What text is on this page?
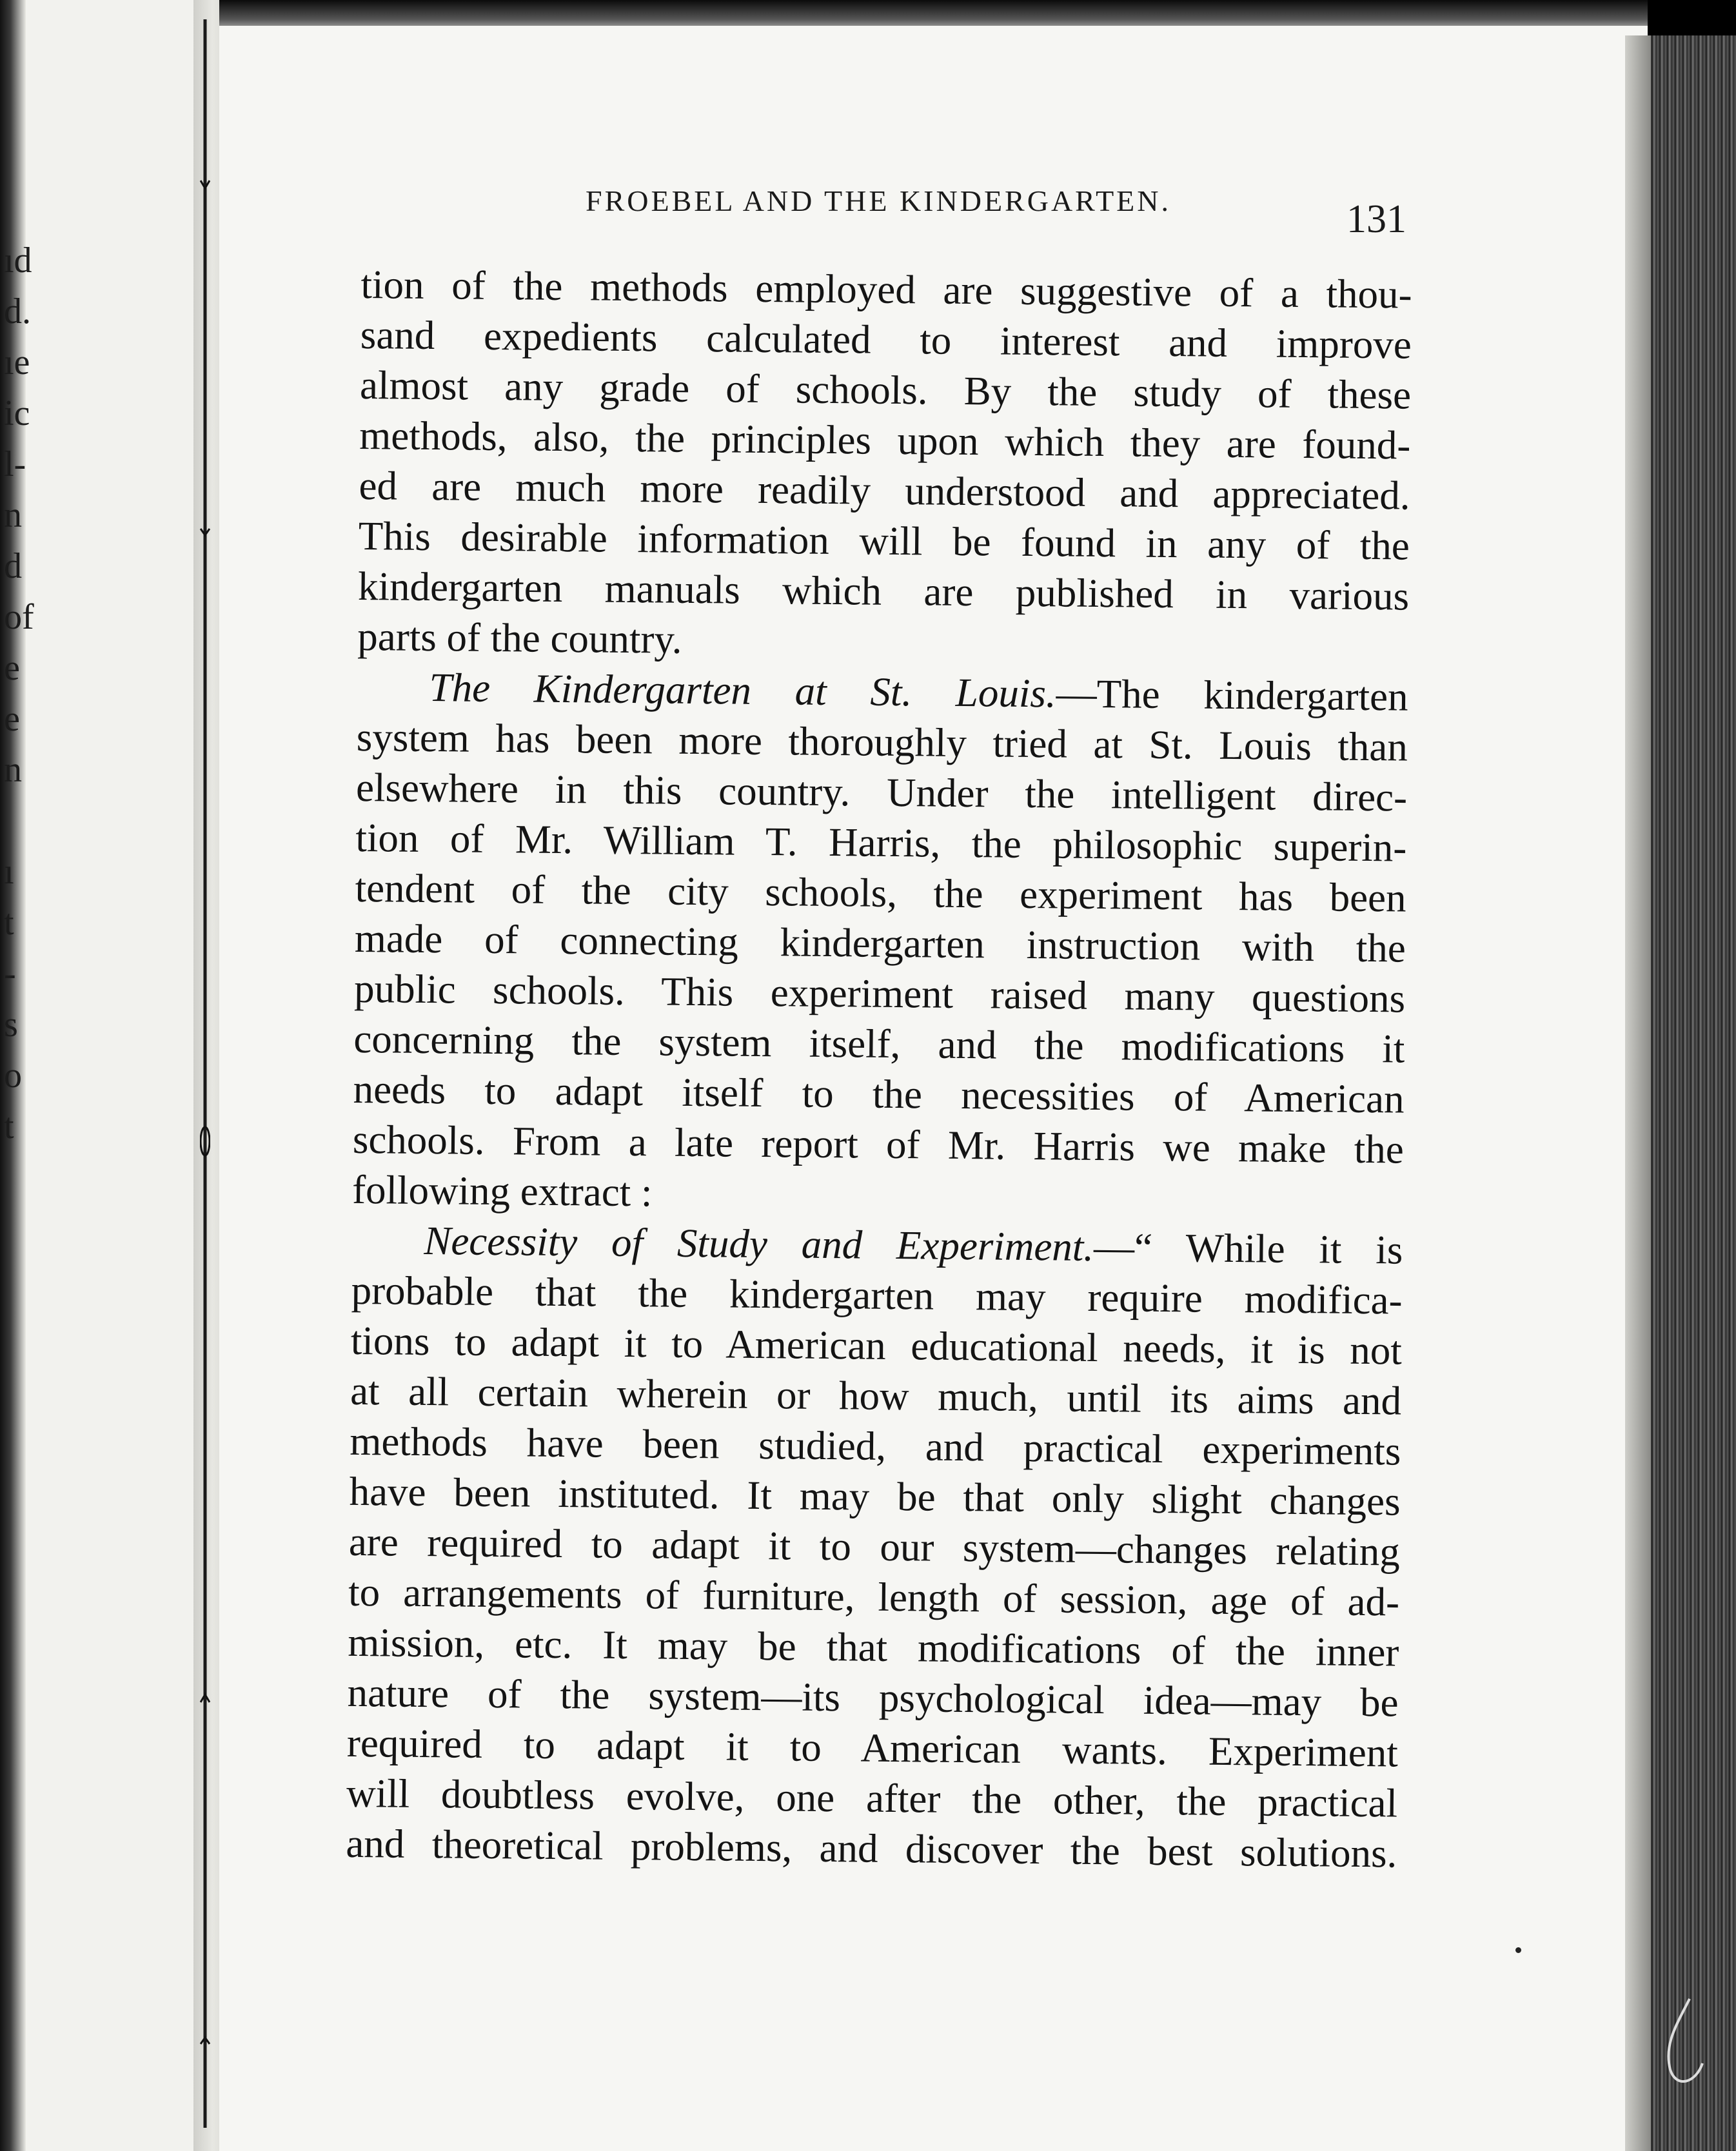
ıd
d.
ıe
ic
l-
n
d
of
e
e
n
ı
t
-
s
o
t
FROEBEL AND THE KINDERGARTEN.	131
tion of the methods employed are suggestive of a thou-
sand expedients calculated to interest and improve
almost any grade of schools. By the study of these
methods, also, the principles upon which they are found-
ed are much more readily understood and appreciated.
This desirable information will be found in any of the
kindergarten manuals which are published in various
parts of the country.
The Kindergarten at St. Louis.—The kindergarten
system has been more thoroughly tried at St. Louis than
elsewhere in this country. Under the intelligent direc-
tion of Mr. William T. Harris, the philosophic superin-
tendent of the city schools, the experiment has been
made of connecting kindergarten instruction with the
public schools. This experiment raised many questions
concerning the system itself, and the modifications it
needs to adapt itself to the necessities of American
schools. From a late report of Mr. Harris we make the
following extract :
Necessity of Study and Experiment.—“ While it is
probable that the kindergarten may require modifica-
tions to adapt it to American educational needs, it is not
at all certain wherein or how much, until its aims and
methods have been studied, and practical experiments
have been instituted. It may be that only slight changes
are required to adapt it to our system—changes relating
to arrangements of furniture, length of session, age of ad-
mission, etc. It may be that modifications of the inner
nature of the system—its psychological idea—may be
required to adapt it to American wants. Experiment
will doubtless evolve, one after the other, the practical
and theoretical problems, and discover the best solutions.
